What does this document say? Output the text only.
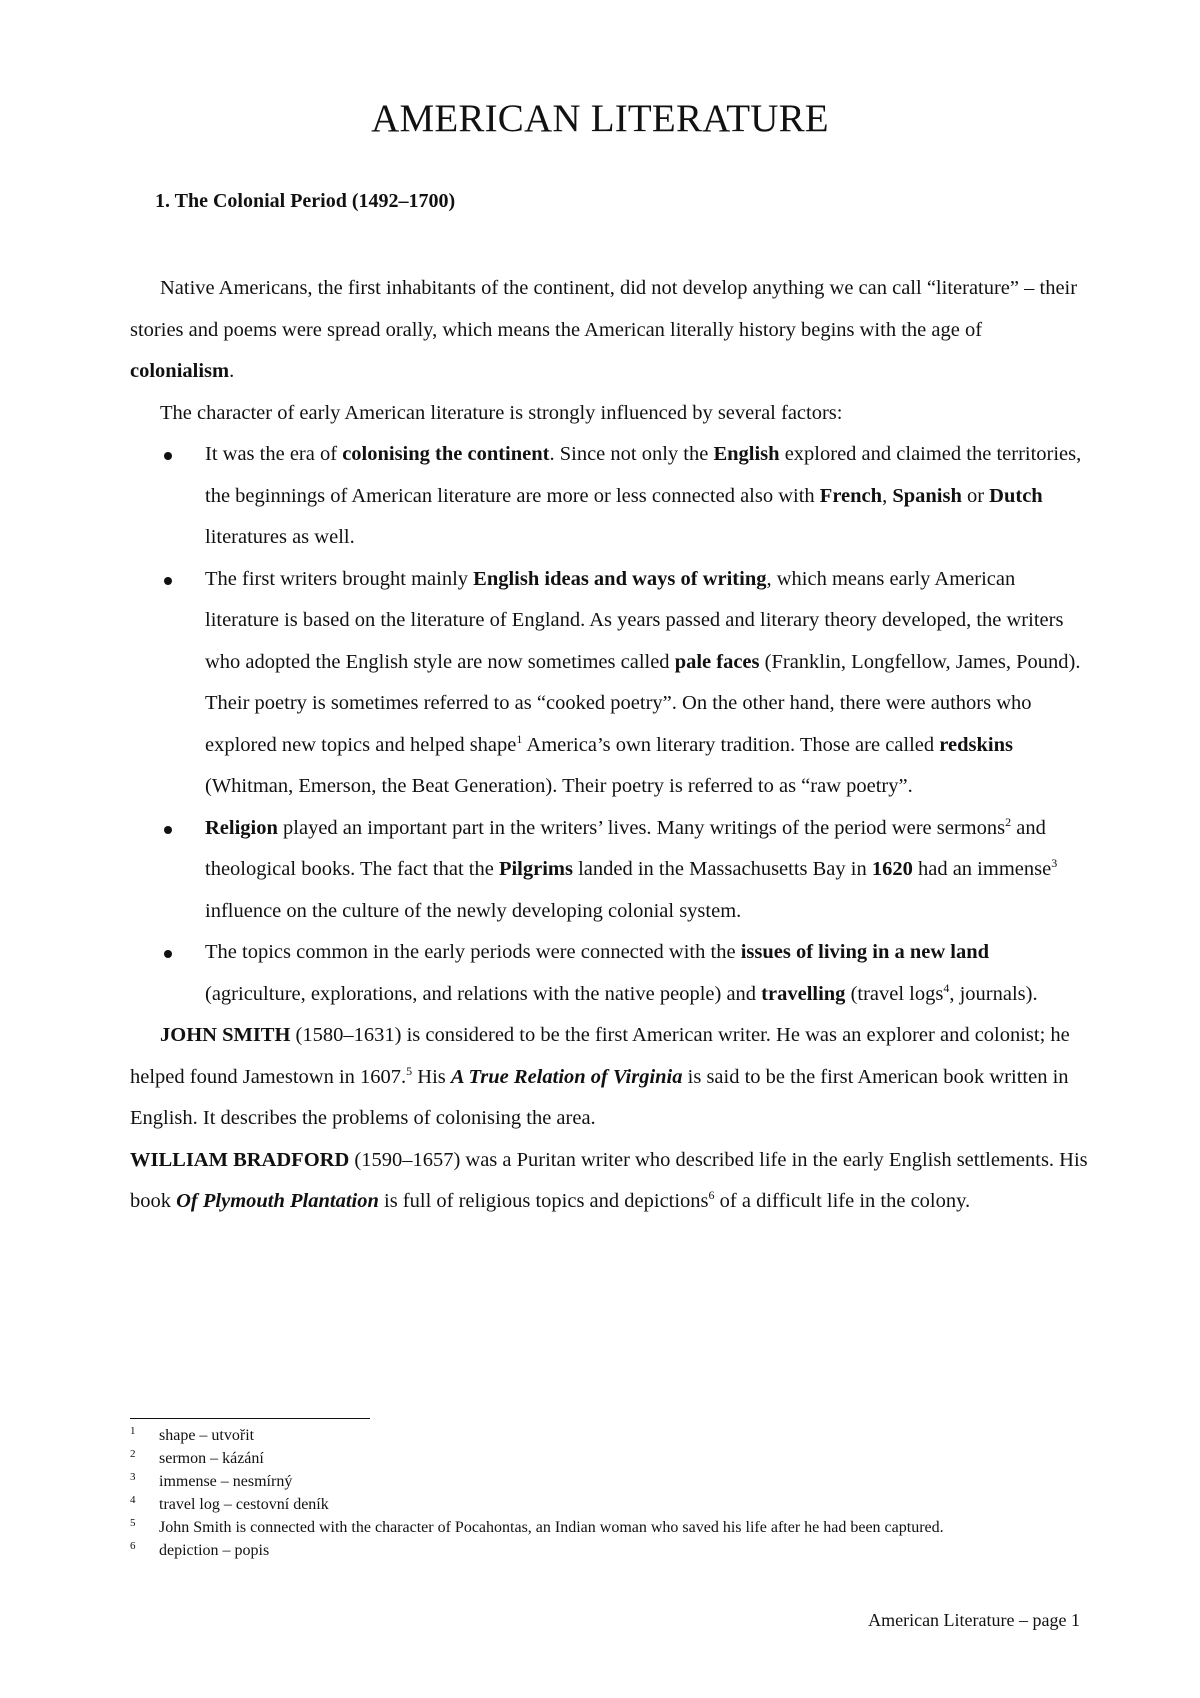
AMERICAN LITERATURE
1. The Colonial Period (1492–1700)

Native Americans, the first inhabitants of the continent, did not develop anything we can call “literature” – their stories and poems were spread orally, which means the American literally history begins with the age of colonialism.

The character of early American literature is strongly influenced by several factors:

It was the era of colonising the continent. Since not only the English explored and claimed the territories, the beginnings of American literature are more or less connected also with French, Spanish or Dutch literatures as well.
The first writers brought mainly English ideas and ways of writing, which means early American literature is based on the literature of England. As years passed and literary theory developed, the writers who adopted the English style are now sometimes called pale faces (Franklin, Longfellow, James, Pound). Their poetry is sometimes referred to as “cooked poetry”. On the other hand, there were authors who explored new topics and helped shape$^1$ America’s own literary tradition. Those are called redskins (Whitman, Emerson, the Beat Generation). Their poetry is referred to as “raw poetry”.
Religion played an important part in the writers’ lives. Many writings of the period were sermons$^2$ and theological books. The fact that the Pilgrims landed in the Massachusetts Bay in 1620 had an immense$^3$ influence on the culture of the newly developing colonial system.
The topics common in the early periods were connected with the issues of living in a new land (agriculture, explorations, and relations with the native people) and travelling (travel logs$^4$, journals).

JOHN SMITH (1580–1631) is considered to be the first American writer. He was an explorer and colonist; he helped found Jamestown in 1607.$^5$ His A True Relation of Virginia is said to be the first American book written in English. It describes the problems of colonising the area.

WILLIAM BRADFORD (1590–1657) was a Puritan writer who described life in the early English settlements. His book Of Plymouth Plantation is full of religious topics and depictions$^6$ of a difficult life in the colony.

1 shape – utvořit
2 sermon – kázání
3 immense – nesmírný
4 travel log – cestovní deník
5 John Smith is connected with the character of Pocahontas, an Indian woman who saved his life after he had been captured.
6 depiction – popis

American Literature – page 1
